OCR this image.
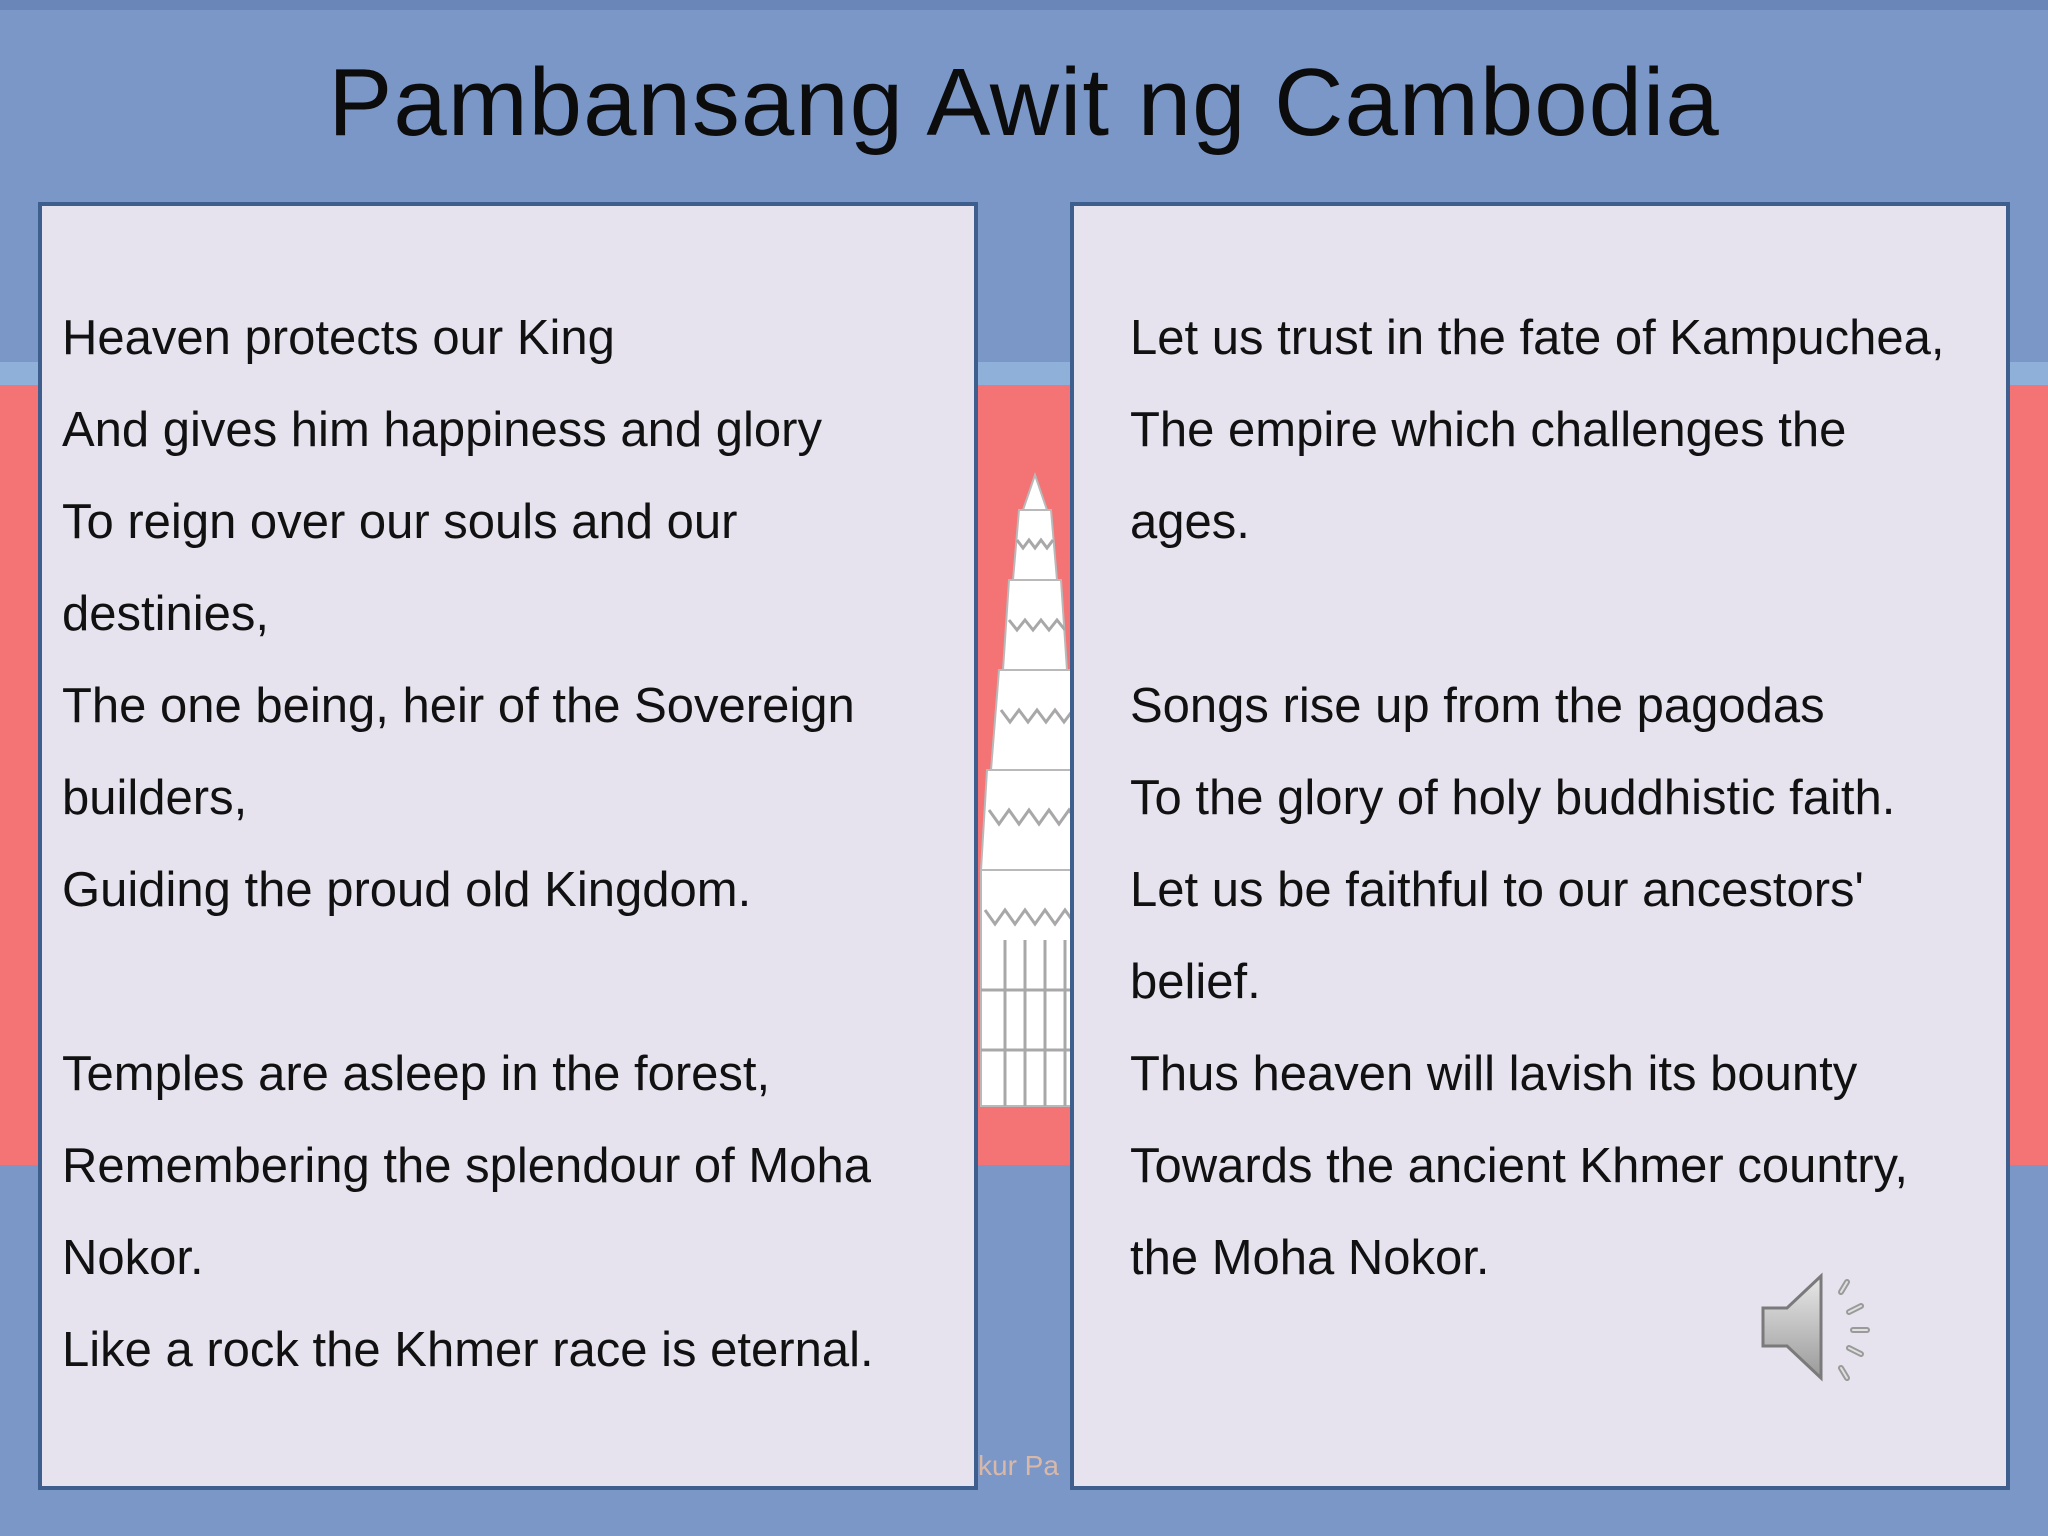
Pambansang Awit ng Cambodia
Heaven protects our King
And gives him happiness and glory
To reign over our souls and our
destinies,
The one being, heir of the Sovereign
builders,
Guiding the proud old Kingdom.
Temples are asleep in the forest,
Remembering the splendour of Moha
Nokor.
Like a rock the Khmer race is eternal.
Let us trust in the fate of Kampuchea,
The empire which challenges the
ages.
Songs rise up from the pagodas
To the glory of holy buddhistic faith.
Let us be faithful to our ancestors'
belief.
Thus heaven will lavish its bounty
Towards the ancient Khmer country,
the Moha Nokor.
kur Pa
